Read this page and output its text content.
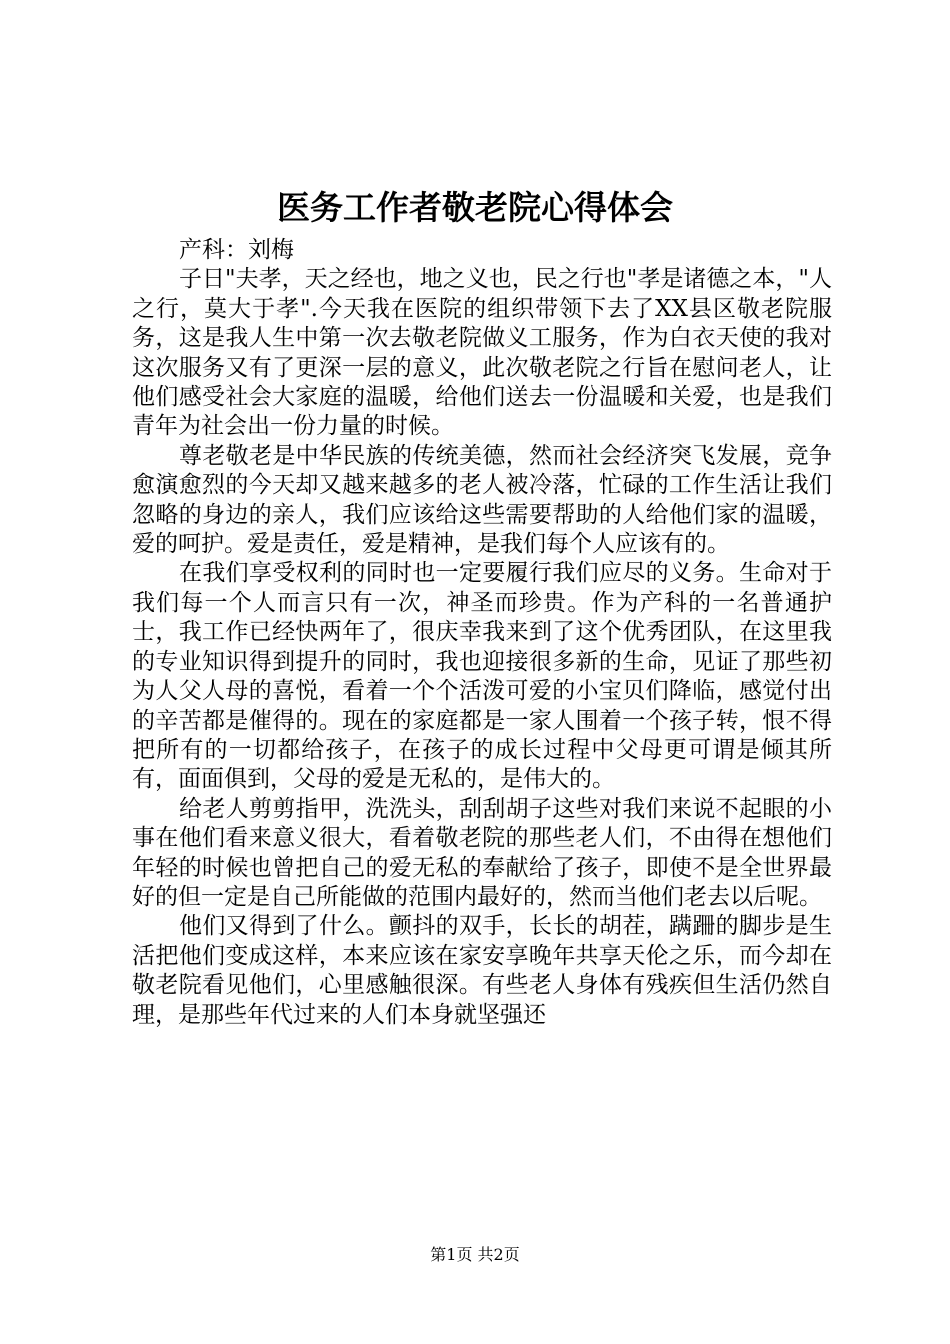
医务工作者敬老院心得体会

产科：刘梅

子日"夫孝，天之经也，地之义也，民之行也"孝是诸德之本，"人之行，莫大于孝".今天我在医院的组织带领下去了XX县区敬老院服务，这是我人生中第一次去敬老院做义工服务，作为白衣天使的我对这次服务又有了更深一层的意义，此次敬老院之行旨在慰问老人，让他们感受社会大家庭的温暖，给他们送去一份温暖和关爱，也是我们青年为社会出一份力量的时候。

尊老敬老是中华民族的传统美德，然而社会经济突飞发展，竞争愈演愈烈的今天却又越来越多的老人被冷落，忙碌的工作生活让我们忽略的身边的亲人，我们应该给这些需要帮助的人给他们家的温暖，爱的呵护。爱是责任，爱是精神，是我们每个人应该有的。

在我们享受权利的同时也一定要履行我们应尽的义务。生命对于我们每一个人而言只有一次，神圣而珍贵。作为产科的一名普通护士，我工作已经快两年了，很庆幸我来到了这个优秀团队，在这里我的专业知识得到提升的同时，我也迎接很多新的生命，见证了那些初为人父人母的喜悦，看着一个个活泼可爱的小宝贝们降临，感觉付出的辛苦都是催得的。现在的家庭都是一家人围着一个孩子转，恨不得把所有的一切都给孩子，在孩子的成长过程中父母更可谓是倾其所有，面面俱到，父母的爱是无私的，是伟大的。

给老人剪剪指甲，洗洗头，刮刮胡子这些对我们来说不起眼的小事在他们看来意义很大，看着敬老院的那些老人们，不由得在想他们年轻的时候也曾把自己的爱无私的奉献给了孩子，即使不是全世界最好的但一定是自己所能做的范围内最好的，然而当他们老去以后呢。

他们又得到了什么。颤抖的双手，长长的胡茬，蹒跚的脚步是生活把他们变成这样，本来应该在家安享晚年共享天伦之乐，而今却在敬老院看见他们，心里感触很深。有些老人身体有残疾但生活仍然自理，是那些年代过来的人们本身就坚强还

第1页 共2页
